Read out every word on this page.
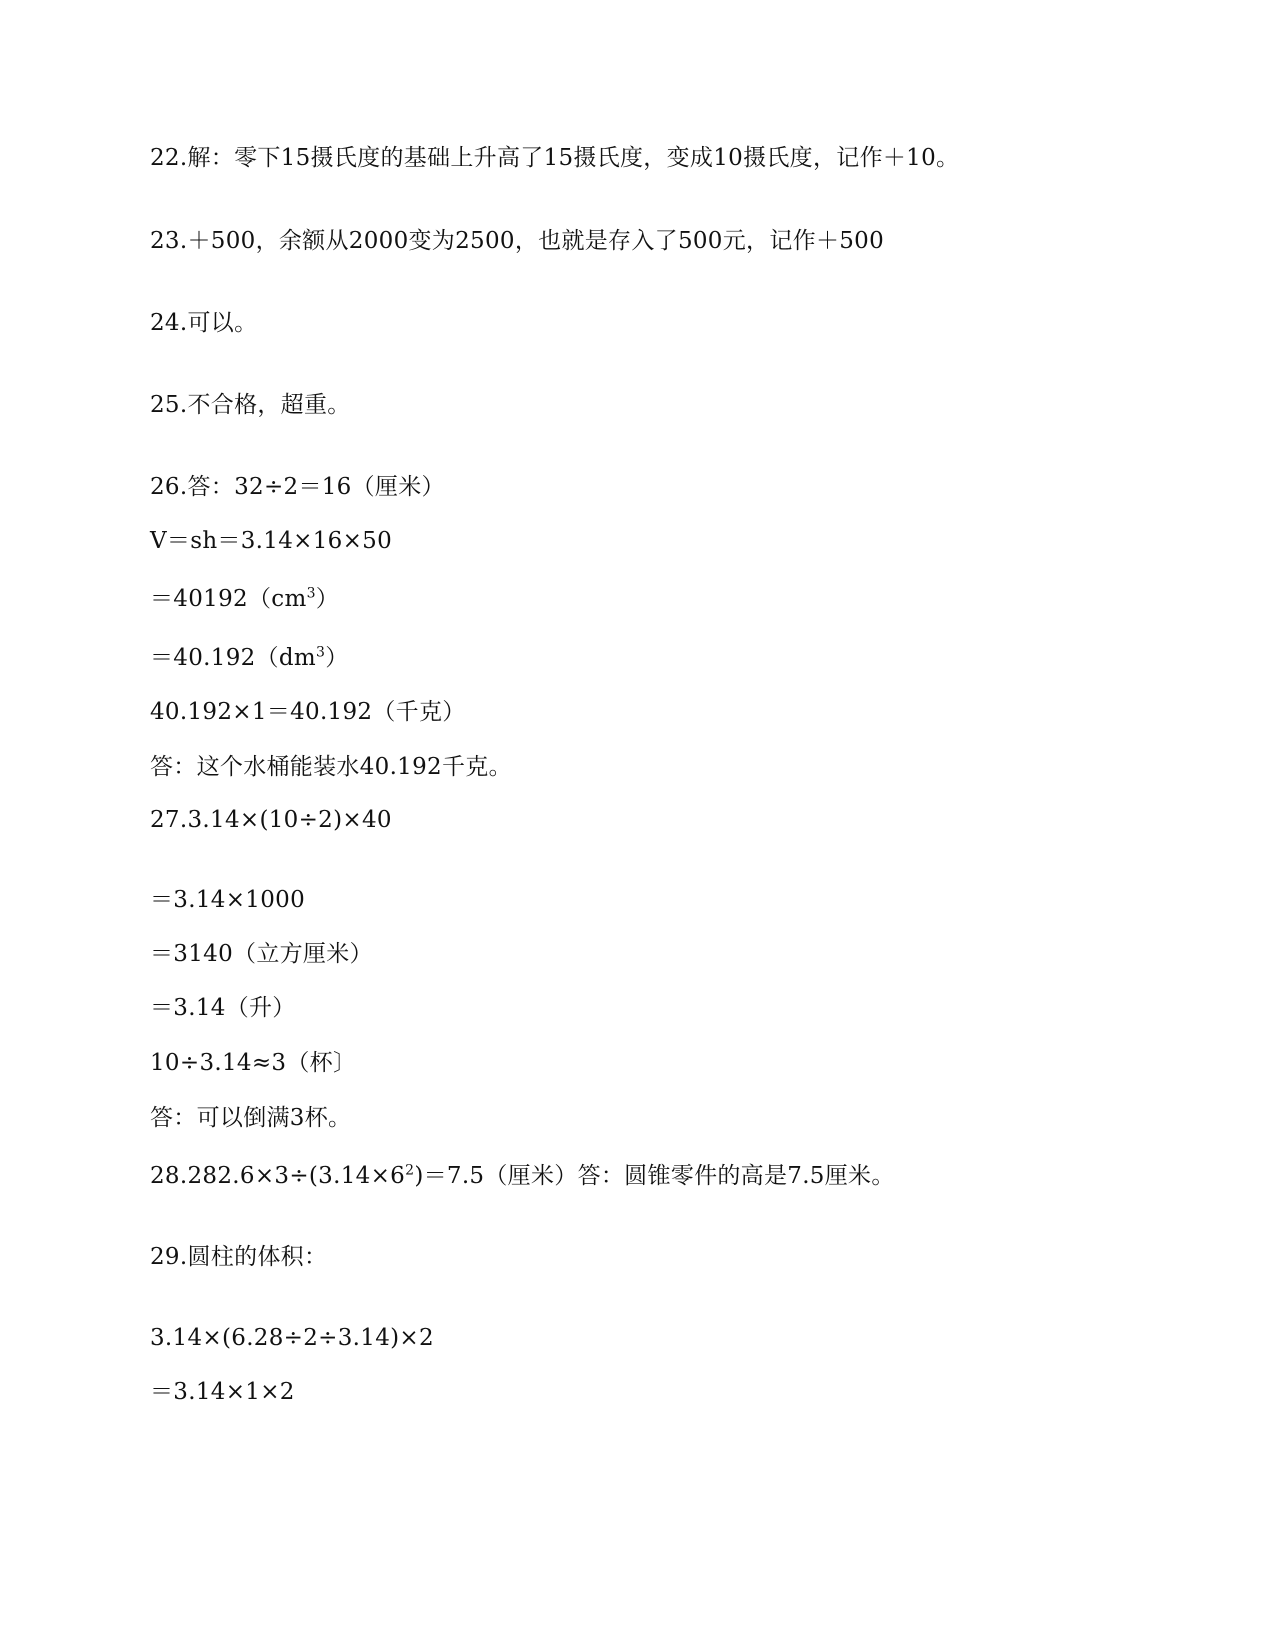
22.解：零下15摄氏度的基础上升高了15摄氏度，变成10摄氏度，记作＋10。
23.＋500，余额从2000变为2500，也就是存入了500元，记作＋500
24.可以。
25.不合格，超重。
26.答：32÷2＝16（厘米）
V＝sh＝3.14×16×50
$=40192(cm^3)$
$=40.192(dm^3)$
40.192×1＝40.192（千克）
答：这个水桶能装水40.192千克。
27.3.14×(10÷2)×40
＝3.14×1000
＝3140（立方厘米）
＝3.14（升）
10÷3.14≈3（杯〕
答：可以倒满3杯。
$28.282.6\times 3\div(3.14\times 6^2)=7.5$（厘米）答：圆锥零件的高是7.5厘米。
29.圆柱的体积：
3.14×(6.28÷2÷3.14)×2
＝3.14×1×2
